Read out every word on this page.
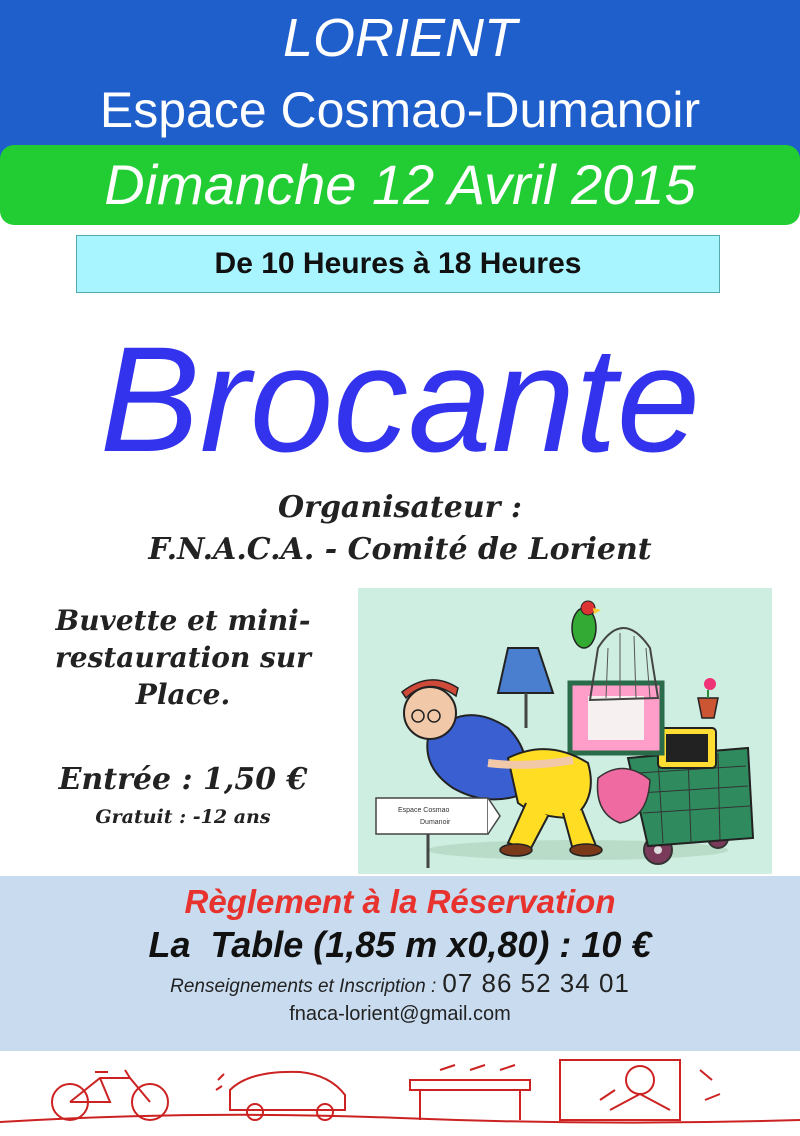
LORIENT
Espace Cosmao-Dumanoir
Dimanche 12 Avril 2015
De 10 Heures à 18 Heures
Brocante
Organisateur :
F.N.A.C.A. - Comité de Lorient
Buvette et mini-
restauration sur
Place.
Entrée : 1,50 €
Gratuit : -12 ans	Espace Cosmao
Dumanoir
Règlement à la Réservation
La  Table (1,85 m x0,80) : 10 €
Renseignements et Inscription : 07 86 52 34 01
fnaca-lorient@gmail.com
